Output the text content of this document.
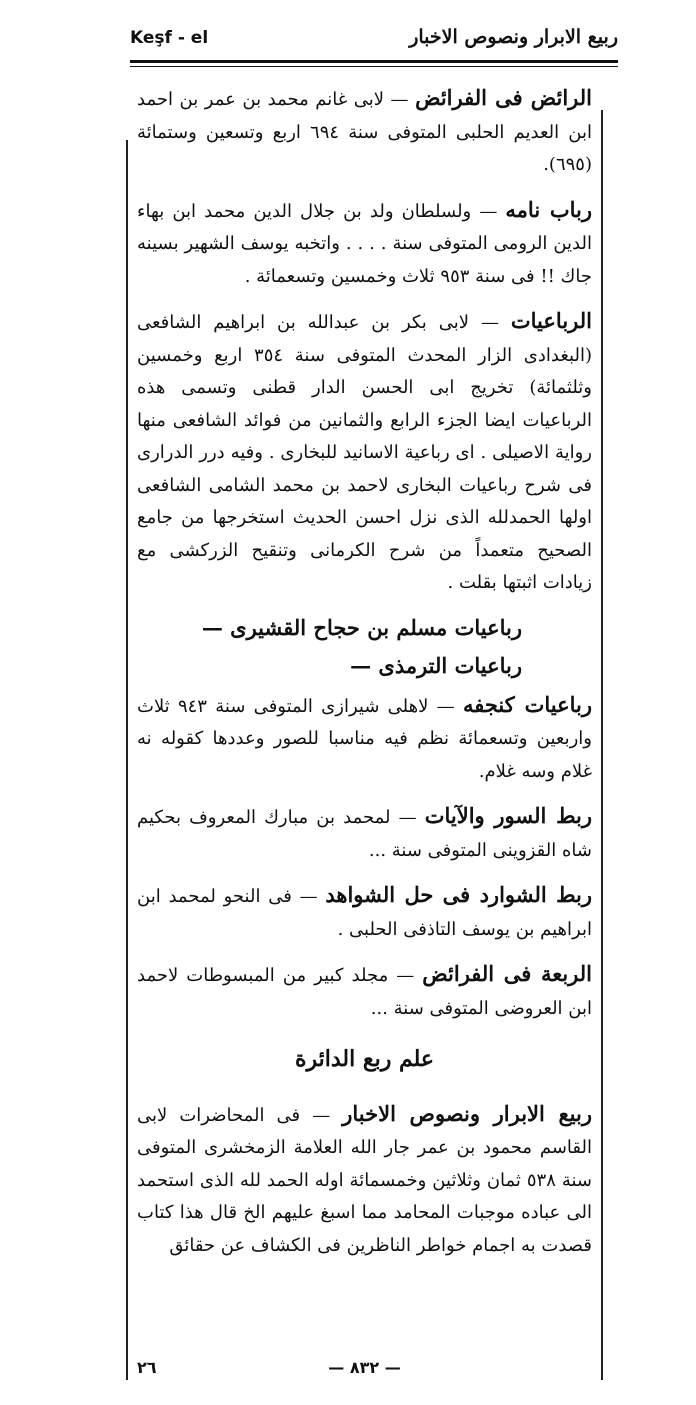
Keşf - el	ربيع الابرار ونصوص الاخبار

الرائض فى الفرائض — لابى غانم محمد بن عمر بن احمد ابن العديم الحلبى المتوفى سنة ٦٩٤ اربع وتسعين وستمائة (٦٩٥).

رباب نامه — ولسلطان ولد بن جلال الدين محمد ابن بهاء الدين الرومى المتوفى سنة . . . . واتخبه يوسف الشهير بسينه جاك !! فى سنة ٩٥٣ ثلاث وخمسين وتسعمائة .

الرباعيات — لابى بكر بن عبدالله بن ابراهيم الشافعى (البغدادى الزار المحدث المتوفى سنة ٣٥٤ اربع وخمسين وثلثمائة) تخريج ابى الحسن الدار قطنى وتسمى هذه الرباعيات ايضا الجزء الرابع والثمانين من فوائد الشافعى منها رواية الاصيلى . اى رباعية الاسانيد للبخارى . وفيه درر الدرارى فى شرح رباعيات البخارى لاحمد بن محمد الشامى الشافعى اولها الحمدلله الذى نزل احسن الحديث استخرجها من جامع الصحيح متعمداً من شرح الكرمانى وتنقيح الزركشى مع زيادات اثبتها بقلت .

رباعيات مسلم بن حجاح القشيرى —

رباعيات الترمذى —

رباعيات كنجفه — لاهلى شيرازى المتوفى سنة ٩٤٣ ثلاث واربعين وتسعمائة نظم فيه مناسبا للصور وعددها كقوله نه غلام وسه غلام.

ربط السور والآيات — لمحمد بن مبارك المعروف بحكيم شاه القزوينى المتوفى سنة ...

ربط الشوارد فى حل الشواهد — فى النحو لمحمد ابن ابراهيم بن يوسف التاذفى الحلبى .

الربعة فى الفرائض — مجلد كبير من المبسوطات لاحمد ابن العروضى المتوفى سنة ...

علم ربع الدائرة

ربيع الابرار ونصوص الاخبار — فى المحاضرات لابى القاسم محمود بن عمر جار الله العلامة الزمخشرى المتوفى سنة ٥٣٨ ثمان وثلاثين وخمسمائة اوله الحمد لله الذى استحمد الى عباده موجبات المحامد مما اسبغ عليهم الخ قال هذا كتاب قصدت به اجمام خواطر الناظرين فى الكشاف عن حقائق

٢٦	— ٨٣٢ —
